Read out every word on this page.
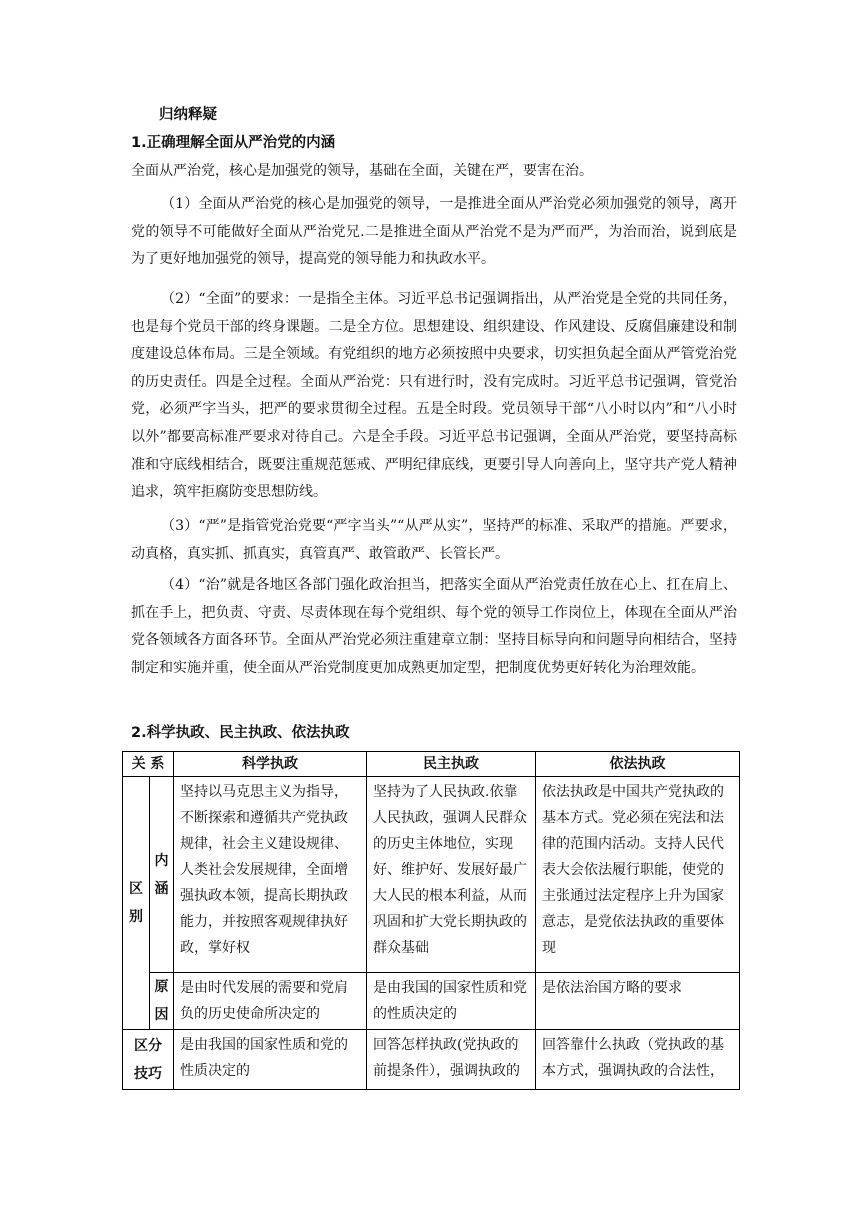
归纳释疑
1.正确理解全面从严治党的内涵
全面从严治党，核心是加强党的领导，基础在全面，关键在严，要害在治。
（1）全面从严治党的核心是加强党的领导，一是推进全面从严治党必须加强党的领导，离开党的领导不可能做好全面从严治党兄.二是推进全面从严治党不是为严而严，为治而治，说到底是为了更好地加强党的领导，提高党的领导能力和执政水平。
（2）“全面”的要求：一是指全主体。习近平总书记强调指出，从严治党是全党的共同任务，也是每个党员干部的终身课题。二是全方位。思想建设、组织建设、作风建设、反腐倡廉建设和制度建设总体布局。三是全领域。有党组织的地方必须按照中央要求，切实担负起全面从严管党治党的历史责任。四是全过程。全面从严治党：只有进行时，没有完成时。习近平总书记强调，管党治党，必须严字当头，把严的要求贯彻全过程。五是全时段。党员领导干部“八小时以内”和“八小时以外”都要高标准严要求对待自己。六是全手段。习近平总书记强调，全面从严治党，要坚持高标准和守底线相结合，既要注重规范惩戒、严明纪律底线，更要引导人向善向上，坚守共产党人精神追求，筑牢拒腐防变思想防线。
（3）“严”是指管党治党要“严字当头”“从严从实”，坚持严的标准、采取严的措施。严要求，动真格，真实抓、抓真实，真管真严、敢管敢严、长管长严。
（4）“治”就是各地区各部门强化政治担当，把落实全面从严治党责任放在心上、扛在肩上、抓在手上，把负责、守责、尽责体现在每个党组织、每个党的领导工作岗位上，体现在全面从严治党各领域各方面各环节。全面从严治党必须注重建章立制：坚持目标导向和问题导向相结合，坚持制定和实施并重，使全面从严治党制度更加成熟更加定型，把制度优势更好转化为治理效能。
2.科学执政、民主执政、依法执政
关 系		科学执政	民主执政	依法执政
区别	内涵	坚持以马克思主义为指导，不断探索和遵循共产党执政规律，社会主义建设规律、人类社会发展规律，全面增强执政本领，提高长期执政能力，并按照客观规律执好政，掌好权	坚持为了人民执政.依靠人民执政，强调人民群众的历史主体地位，实现好、维护好、发展好最广大人民的根本利益，从而巩固和扩大党长期执政的群众基础	依法执政是中国共产党执政的基本方式。党必须在宪法和法律的范围内活动。支持人民代表大会依法履行职能，使党的主张通过法定程序上升为国家意志，是党依法执政的重要体现
	原因	是由时代发展的需要和党肩负的历史使命所决定的	是由我国的国家性质和党的性质决定的	是依法治国方略的要求
区分技巧		是由我国的国家性质和党的性质决定的	回答怎样执政(党执政的前提条件），强调执政的	回答靠什么执政（党执政的基本方式，强调执政的合法性，
